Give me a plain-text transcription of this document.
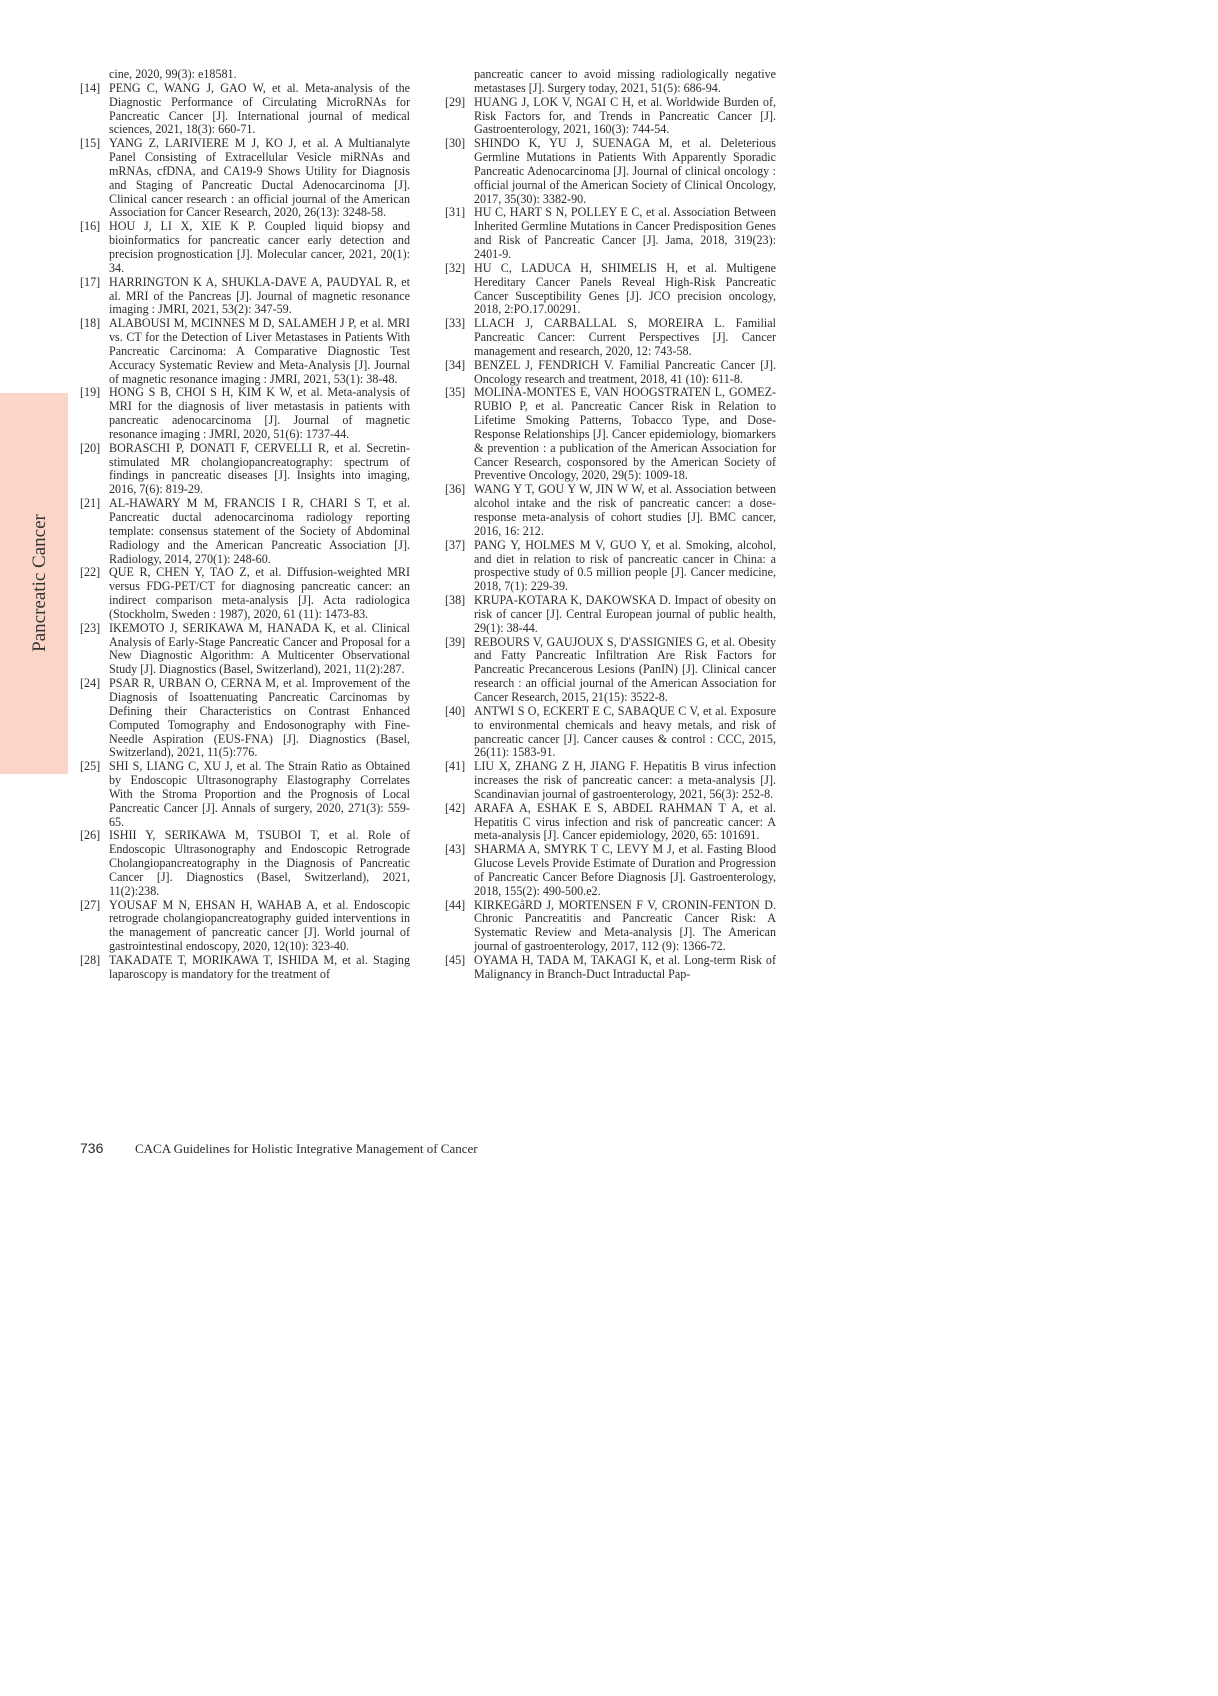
Pancreatic Cancer
cine, 2020, 99(3): e18581.
[14] PENG C, WANG J, GAO W, et al. Meta-analysis of the Diagnostic Performance of Circulating MicroRNAs for Pancreatic Cancer [J]. International journal of medical sciences, 2021, 18(3): 660-71.
[15] YANG Z, LARIVIERE M J, KO J, et al. A Multianalyte Panel Consisting of Extracellular Vesicle miRNAs and mRNAs, cfDNA, and CA19-9 Shows Utility for Diagnosis and Staging of Pancreatic Ductal Adenocarcinoma [J]. Clinical cancer research : an official journal of the American Association for Cancer Research, 2020, 26(13): 3248-58.
[16] HOU J, LI X, XIE K P. Coupled liquid biopsy and bioinformatics for pancreatic cancer early detection and precision prognostication [J]. Molecular cancer, 2021, 20(1): 34.
[17] HARRINGTON K A, SHUKLA-DAVE A, PAUDYAL R, et al. MRI of the Pancreas [J]. Journal of magnetic resonance imaging : JMRI, 2021, 53(2): 347-59.
[18] ALABOUSI M, MCINNES M D, SALAMEH J P, et al. MRI vs. CT for the Detection of Liver Metastases in Patients With Pancreatic Carcinoma: A Comparative Diagnostic Test Accuracy Systematic Review and Meta-Analysis [J]. Journal of magnetic resonance imaging : JMRI, 2021, 53(1): 38-48.
[19] HONG S B, CHOI S H, KIM K W, et al. Meta-analysis of MRI for the diagnosis of liver metastasis in patients with pancreatic adenocarcinoma [J]. Journal of magnetic resonance imaging : JMRI, 2020, 51(6): 1737-44.
[20] BORASCHI P, DONATI F, CERVELLI R, et al. Secretin-stimulated MR cholangiopancreatography: spectrum of findings in pancreatic diseases [J]. Insights into imaging, 2016, 7(6): 819-29.
[21] AL-HAWARY M M, FRANCIS I R, CHARI S T, et al. Pancreatic ductal adenocarcinoma radiology reporting template: consensus statement of the Society of Abdominal Radiology and the American Pancreatic Association [J]. Radiology, 2014, 270(1): 248-60.
[22] QUE R, CHEN Y, TAO Z, et al. Diffusion-weighted MRI versus FDG-PET/CT for diagnosing pancreatic cancer: an indirect comparison meta-analysis [J]. Acta radiologica (Stockholm, Sweden : 1987), 2020, 61 (11): 1473-83.
[23] IKEMOTO J, SERIKAWA M, HANADA K, et al. Clinical Analysis of Early-Stage Pancreatic Cancer and Proposal for a New Diagnostic Algorithm: A Multicenter Observational Study [J]. Diagnostics (Basel, Switzerland), 2021, 11(2):287.
[24] PSAR R, URBAN O, CERNA M, et al. Improvement of the Diagnosis of Isoattenuating Pancreatic Carcinomas by Defining their Characteristics on Contrast Enhanced Computed Tomography and Endosonography with Fine-Needle Aspiration (EUS-FNA) [J]. Diagnostics (Basel, Switzerland), 2021, 11(5):776.
[25] SHI S, LIANG C, XU J, et al. The Strain Ratio as Obtained by Endoscopic Ultrasonography Elastography Correlates With the Stroma Proportion and the Prognosis of Local Pancreatic Cancer [J]. Annals of surgery, 2020, 271(3): 559-65.
[26] ISHII Y, SERIKAWA M, TSUBOI T, et al. Role of Endoscopic Ultrasonography and Endoscopic Retrograde Cholangiopancreatography in the Diagnosis of Pancreatic Cancer [J]. Diagnostics (Basel, Switzerland), 2021, 11(2):238.
[27] YOUSAF M N, EHSAN H, WAHAB A, et al. Endoscopic retrograde cholangiopancreatography guided interventions in the management of pancreatic cancer [J]. World journal of gastrointestinal endoscopy, 2020, 12(10): 323-40.
[28] TAKADATE T, MORIKAWA T, ISHIDA M, et al. Staging laparoscopy is mandatory for the treatment of
pancreatic cancer to avoid missing radiologically negative metastases [J]. Surgery today, 2021, 51(5): 686-94.
[29] HUANG J, LOK V, NGAI C H, et al. Worldwide Burden of, Risk Factors for, and Trends in Pancreatic Cancer [J]. Gastroenterology, 2021, 160(3): 744-54.
[30] SHINDO K, YU J, SUENAGA M, et al. Deleterious Germline Mutations in Patients With Apparently Sporadic Pancreatic Adenocarcinoma [J]. Journal of clinical oncology : official journal of the American Society of Clinical Oncology, 2017, 35(30): 3382-90.
[31] HU C, HART S N, POLLEY E C, et al. Association Between Inherited Germline Mutations in Cancer Predisposition Genes and Risk of Pancreatic Cancer [J]. Jama, 2018, 319(23): 2401-9.
[32] HU C, LADUCA H, SHIMELIS H, et al. Multigene Hereditary Cancer Panels Reveal High-Risk Pancreatic Cancer Susceptibility Genes [J]. JCO precision oncology, 2018, 2:PO.17.00291.
[33] LLACH J, CARBALLAL S, MOREIRA L. Familial Pancreatic Cancer: Current Perspectives [J]. Cancer management and research, 2020, 12: 743-58.
[34] BENZEL J, FENDRICH V. Familial Pancreatic Cancer [J]. Oncology research and treatment, 2018, 41 (10): 611-8.
[35] MOLINA-MONTES E, VAN HOOGSTRATEN L, GOMEZ-RUBIO P, et al. Pancreatic Cancer Risk in Relation to Lifetime Smoking Patterns, Tobacco Type, and Dose-Response Relationships [J]. Cancer epidemiology, biomarkers & prevention : a publication of the American Association for Cancer Research, cosponsored by the American Society of Preventive Oncology, 2020, 29(5): 1009-18.
[36] WANG Y T, GOU Y W, JIN W W, et al. Association between alcohol intake and the risk of pancreatic cancer: a dose-response meta-analysis of cohort studies [J]. BMC cancer, 2016, 16: 212.
[37] PANG Y, HOLMES M V, GUO Y, et al. Smoking, alcohol, and diet in relation to risk of pancreatic cancer in China: a prospective study of 0.5 million people [J]. Cancer medicine, 2018, 7(1): 229-39.
[38] KRUPA-KOTARA K, DAKOWSKA D. Impact of obesity on risk of cancer [J]. Central European journal of public health, 29(1): 38-44.
[39] REBOURS V, GAUJOUX S, D'ASSIGNIES G, et al. Obesity and Fatty Pancreatic Infiltration Are Risk Factors for Pancreatic Precancerous Lesions (PanIN) [J]. Clinical cancer research : an official journal of the American Association for Cancer Research, 2015, 21(15): 3522-8.
[40] ANTWI S O, ECKERT E C, SABAQUE C V, et al. Exposure to environmental chemicals and heavy metals, and risk of pancreatic cancer [J]. Cancer causes & control : CCC, 2015, 26(11): 1583-91.
[41] LIU X, ZHANG Z H, JIANG F. Hepatitis B virus infection increases the risk of pancreatic cancer: a meta-analysis [J]. Scandinavian journal of gastroenterology, 2021, 56(3): 252-8.
[42] ARAFA A, ESHAK E S, ABDEL RAHMAN T A, et al. Hepatitis C virus infection and risk of pancreatic cancer: A meta-analysis [J]. Cancer epidemiology, 2020, 65: 101691.
[43] SHARMA A, SMYRK T C, LEVY M J, et al. Fasting Blood Glucose Levels Provide Estimate of Duration and Progression of Pancreatic Cancer Before Diagnosis [J]. Gastroenterology, 2018, 155(2): 490-500.e2.
[44] KIRKEGåRD J, MORTENSEN F V, CRONIN-FENTON D. Chronic Pancreatitis and Pancreatic Cancer Risk: A Systematic Review and Meta-analysis [J]. The American journal of gastroenterology, 2017, 112 (9): 1366-72.
[45] OYAMA H, TADA M, TAKAGI K, et al. Long-term Risk of Malignancy in Branch-Duct Intraductal Pap-
736 CACA Guidelines for Holistic Integrative Management of Cancer
